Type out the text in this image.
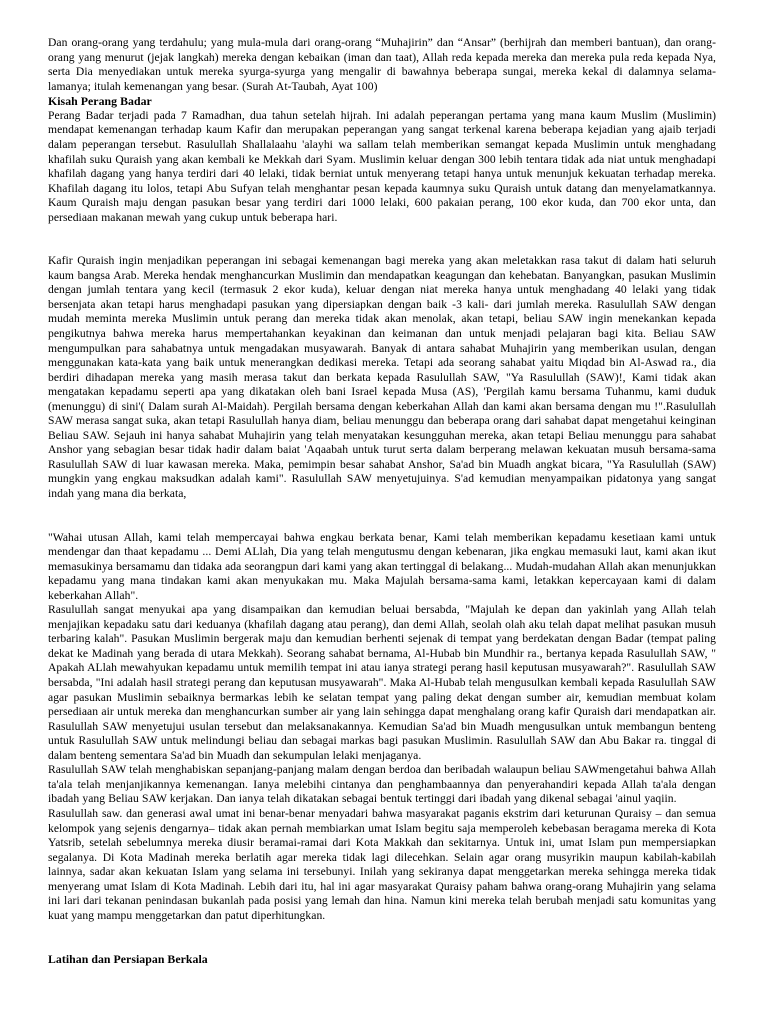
Dan orang-orang yang terdahulu; yang mula-mula dari orang-orang “Muhajirin” dan “Ansar” (berhijrah dan memberi bantuan), dan orang-orang yang menurut (jejak langkah) mereka dengan kebaikan (iman dan taat), Allah reda kepada mereka dan mereka pula reda kepada Nya, serta Dia menyediakan untuk mereka syurga-syurga yang mengalir di bawahnya beberapa sungai, mereka kekal di dalamnya selama-lamanya; itulah kemenangan yang besar. (Surah At-Taubah, Ayat 100)

Kisah Perang Badar

Perang Badar terjadi pada 7 Ramadhan, dua tahun setelah hijrah. Ini adalah peperangan pertama yang mana kaum Muslim (Muslimin) mendapat kemenangan terhadap kaum Kafir dan merupakan peperangan yang sangat terkenal karena beberapa kejadian yang ajaib terjadi dalam peperangan tersebut. Rasulullah Shallalaahu 'alayhi wa sallam telah memberikan semangat kepada Muslimin untuk menghadang khafilah suku Quraish yang akan kembali ke Mekkah dari Syam. Muslimin keluar dengan 300 lebih tentara tidak ada niat untuk menghadapi khafilah dagang yang hanya terdiri dari 40 lelaki, tidak berniat untuk menyerang tetapi hanya untuk menunjuk kekuatan terhadap mereka. Khafilah dagang itu lolos, tetapi Abu Sufyan telah menghantar pesan kepada kaumnya suku Quraish untuk datang dan menyelamatkannya. Kaum Quraish maju dengan pasukan besar yang terdiri dari 1000 lelaki, 600 pakaian perang, 100 ekor kuda, dan 700 ekor unta, dan persediaan makanan mewah yang cukup untuk beberapa hari.

Kafir Quraish ingin menjadikan peperangan ini sebagai kemenangan bagi mereka yang akan meletakkan rasa takut di dalam hati seluruh kaum bangsa Arab. Mereka hendak menghancurkan Muslimin dan mendapatkan keagungan dan kehebatan. Banyangkan, pasukan Muslimin dengan jumlah tentara yang kecil (termasuk 2 ekor kuda), keluar dengan niat mereka hanya untuk menghadang 40 lelaki yang tidak bersenjata akan tetapi harus menghadapi pasukan yang dipersiapkan dengan baik -3 kali- dari jumlah mereka. Rasulullah SAW dengan mudah meminta mereka Muslimin untuk perang dan mereka tidak akan menolak, akan tetapi, beliau SAW ingin menekankan kepada pengikutnya bahwa mereka harus mempertahankan keyakinan dan keimanan dan untuk menjadi pelajaran bagi kita. Beliau SAW mengumpulkan para sahabatnya untuk mengadakan musyawarah. Banyak di antara sahabat Muhajirin yang memberikan usulan, dengan menggunakan kata-kata yang baik untuk menerangkan dedikasi mereka. Tetapi ada seorang sahabat yaitu Miqdad bin Al-Aswad ra., dia berdiri dihadapan mereka yang masih merasa takut dan berkata kepada Rasulullah SAW, "Ya Rasulullah (SAW)!, Kami tidak akan mengatakan kepadamu seperti apa yang dikatakan oleh bani Israel kepada Musa (AS), 'Pergilah kamu bersama Tuhanmu, kami duduk (menunggu) di sini'( Dalam surah Al-Maidah). Pergilah bersama dengan keberkahan Allah dan kami akan bersama dengan mu !".Rasulullah SAW merasa sangat suka, akan tetapi Rasulullah hanya diam, beliau menunggu dan beberapa orang dari sahabat dapat mengetahui keinginan Beliau SAW. Sejauh ini hanya sahabat Muhajirin yang telah menyatakan kesungguhan mereka, akan tetapi Beliau menunggu para sahabat Anshor yang sebagian besar tidak hadir dalam baiat 'Aqaabah untuk turut serta dalam berperang melawan kekuatan musuh bersama-sama Rasulullah SAW di luar kawasan mereka. Maka, pemimpin besar sahabat Anshor, Sa'ad bin Muadh angkat bicara, "Ya Rasulullah (SAW) mungkin yang engkau maksudkan adalah kami". Rasulullah SAW menyetujuinya. S'ad kemudian menyampaikan pidatonya yang sangat indah yang mana dia berkata,

"Wahai utusan Allah, kami telah mempercayai bahwa engkau berkata benar, Kami telah memberikan kepadamu kesetiaan kami untuk mendengar dan thaat kepadamu ... Demi ALlah, Dia yang telah mengutusmu dengan kebenaran, jika engkau memasuki laut, kami akan ikut memasukinya bersamamu dan tidaka ada seorangpun dari kami yang akan tertinggal di belakang... Mudah-mudahan Allah akan menunjukkan kepadamu yang mana tindakan kami akan menyukakan mu. Maka Majulah bersama-sama kami, letakkan kepercayaan kami di dalam keberkahan Allah".

Rasulullah sangat menyukai apa yang disampaikan dan kemudian beluai bersabda, "Majulah ke depan dan yakinlah yang Allah telah menjajikan kepadaku satu dari keduanya (khafilah dagang atau perang), dan demi Allah, seolah olah aku telah dapat melihat pasukan musuh terbaring kalah". Pasukan Muslimin bergerak maju dan kemudian berhenti sejenak di tempat yang berdekatan dengan Badar (tempat paling dekat ke Madinah yang berada di utara Mekkah). Seorang sahabat bernama, Al-Hubab bin Mundhir ra., bertanya kepada Rasulullah SAW, " Apakah ALlah mewahyukan kepadamu untuk memilih tempat ini atau ianya strategi perang hasil keputusan musyawarah?". Rasulullah SAW bersabda, "Ini adalah hasil strategi perang dan keputusan musyawarah". Maka Al-Hubab telah mengusulkan kembali kepada Rasulullah SAW agar pasukan Muslimin sebaiknya bermarkas lebih ke selatan tempat yang paling dekat dengan sumber air, kemudian membuat kolam persediaan air untuk mereka dan menghancurkan sumber air yang lain sehingga dapat menghalang orang kafir Quraish dari mendapatkan air. Rasulullah SAW menyetujui usulan tersebut dan melaksanakannya. Kemudian Sa'ad bin Muadh mengusulkan untuk membangun benteng untuk Rasulullah SAW untuk melindungi beliau dan sebagai markas bagi pasukan Muslimin. Rasulullah SAW dan Abu Bakar ra. tinggal di dalam benteng sementara Sa'ad bin Muadh dan sekumpulan lelaki menjaganya.

Rasulullah SAW telah menghabiskan sepanjang-panjang malam dengan berdoa dan beribadah walaupun beliau SAWmengetahui bahwa Allah ta'ala telah menjanjikannya kemenangan. Ianya melebihi cintanya dan penghambaannya dan penyerahandiri kepada Allah ta'ala dengan ibadah yang Beliau SAW kerjakan. Dan ianya telah dikatakan sebagai bentuk tertinggi dari ibadah yang dikenal sebagai 'ainul yaqiin.

Rasulullah saw. dan generasi awal umat ini benar-benar menyadari bahwa masyarakat paganis ekstrim dari keturunan Quraisy – dan semua kelompok yang sejenis dengarnya– tidak akan pernah membiarkan umat Islam begitu saja memperoleh kebebasan beragama mereka di Kota Yatsrib, setelah sebelumnya mereka diusir beramai-ramai dari Kota Makkah dan sekitarnya. Untuk ini, umat Islam pun mempersiapkan segalanya. Di Kota Madinah mereka berlatih agar mereka tidak lagi dilecehkan. Selain agar orang musyrikin maupun kabilah-kabilah lainnya, sadar akan kekuatan Islam yang selama ini tersebunyi. Inilah yang sekiranya dapat menggetarkan mereka sehingga mereka tidak menyerang umat Islam di Kota Madinah. Lebih dari itu, hal ini agar masyarakat Quraisy paham bahwa orang-orang Muhajirin yang selama ini lari dari tekanan penindasan bukanlah pada posisi yang lemah dan hina. Namun kini mereka telah berubah menjadi satu komunitas yang kuat yang mampu menggetarkan dan patut diperhitungkan.

Latihan dan Persiapan Berkala
